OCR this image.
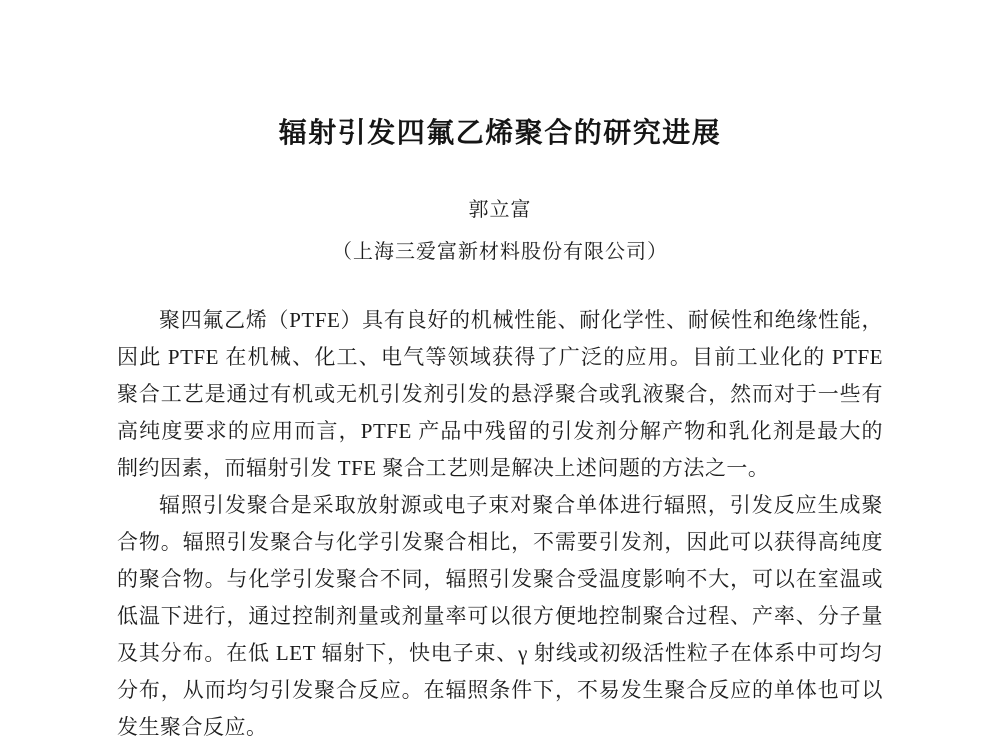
辐射引发四氟乙烯聚合的研究进展
郭立富
（上海三爱富新材料股份有限公司）

聚四氟乙烯（PTFE）具有良好的机械性能、耐化学性、耐候性和绝缘性能，因此 PTFE 在机械、化工、电气等领域获得了广泛的应用。目前工业化的 PTFE 聚合工艺是通过有机或无机引发剂引发的悬浮聚合或乳液聚合，然而对于一些有高纯度要求的应用而言，PTFE 产品中残留的引发剂分解产物和乳化剂是最大的制约因素，而辐射引发 TFE 聚合工艺则是解决上述问题的方法之一。

辐照引发聚合是采取放射源或电子束对聚合单体进行辐照，引发反应生成聚合物。辐照引发聚合与化学引发聚合相比，不需要引发剂，因此可以获得高纯度的聚合物。与化学引发聚合不同，辐照引发聚合受温度影响不大，可以在室温或低温下进行，通过控制剂量或剂量率可以很方便地控制聚合过程、产率、分子量及其分布。在低 LET 辐射下，快电子束、γ 射线或初级活性粒子在体系中可均匀分布，从而均匀引发聚合反应。在辐照条件下，不易发生聚合反应的单体也可以发生聚合反应。
